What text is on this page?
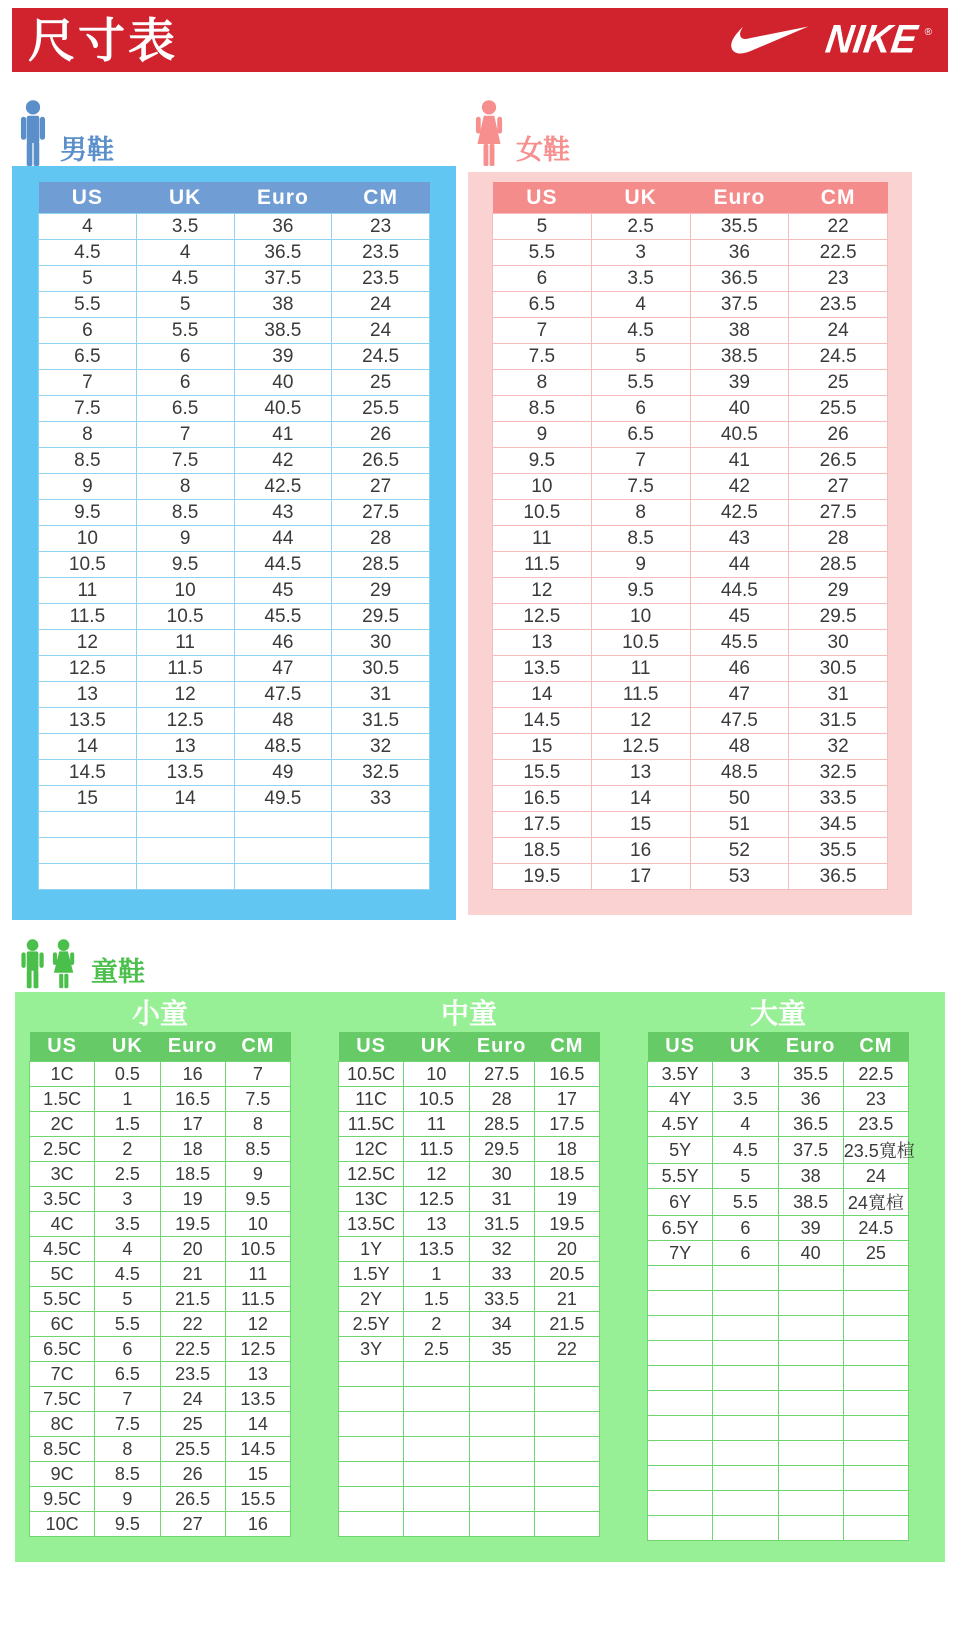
尺寸表	NIKE ®
男鞋
US	UK	Euro	CM
4	3.5	36	23
4.5	4	36.5	23.5
5	4.5	37.5	23.5
5.5	5	38	24
6	5.5	38.5	24
6.5	6	39	24.5
7	6	40	25
7.5	6.5	40.5	25.5
8	7	41	26
8.5	7.5	42	26.5
9	8	42.5	27
9.5	8.5	43	27.5
10	9	44	28
10.5	9.5	44.5	28.5
11	10	45	29
11.5	10.5	45.5	29.5
12	11	46	30
12.5	11.5	47	30.5
13	12	47.5	31
13.5	12.5	48	31.5
14	13	48.5	32
14.5	13.5	49	32.5
15	14	49.5	33

女鞋
US	UK	Euro	CM
5	2.5	35.5	22
5.5	3	36	22.5
6	3.5	36.5	23
6.5	4	37.5	23.5
7	4.5	38	24
7.5	5	38.5	24.5
8	5.5	39	25
8.5	6	40	25.5
9	6.5	40.5	26
9.5	7	41	26.5
10	7.5	42	27
10.5	8	42.5	27.5
11	8.5	43	28
11.5	9	44	28.5
12	9.5	44.5	29
12.5	10	45	29.5
13	10.5	45.5	30
13.5	11	46	30.5
14	11.5	47	31
14.5	12	47.5	31.5
15	12.5	48	32
15.5	13	48.5	32.5
16.5	14	50	33.5
17.5	15	51	34.5
18.5	16	52	35.5
19.5	17	53	36.5
童鞋
小童
US	UK	Euro	CM
1C	0.5	16	7
1.5C	1	16.5	7.5
2C	1.5	17	8
2.5C	2	18	8.5
3C	2.5	18.5	9
3.5C	3	19	9.5
4C	3.5	19.5	10
4.5C	4	20	10.5
5C	4.5	21	11
5.5C	5	21.5	11.5
6C	5.5	22	12
6.5C	6	22.5	12.5
7C	6.5	23.5	13
7.5C	7	24	13.5
8C	7.5	25	14
8.5C	8	25.5	14.5
9C	8.5	26	15
9.5C	9	26.5	15.5
10C	9.5	27	16
中童
US	UK	Euro	CM
10.5C	10	27.5	16.5
11C	10.5	28	17
11.5C	11	28.5	17.5
12C	11.5	29.5	18
12.5C	12	30	18.5
13C	12.5	31	19
13.5C	13	31.5	19.5
1Y	13.5	32	20
1.5Y	1	33	20.5
2Y	1.5	33.5	21
2.5Y	2	34	21.5
3Y	2.5	35	22

大童
US	UK	Euro	CM
3.5Y	3	35.5	22.5
4Y	3.5	36	23
4.5Y	4	36.5	23.5
5Y	4.5	37.5	23.5寬楦
5.5Y	5	38	24
6Y	5.5	38.5	24寬楦
6.5Y	6	39	24.5
7Y	6	40	25
